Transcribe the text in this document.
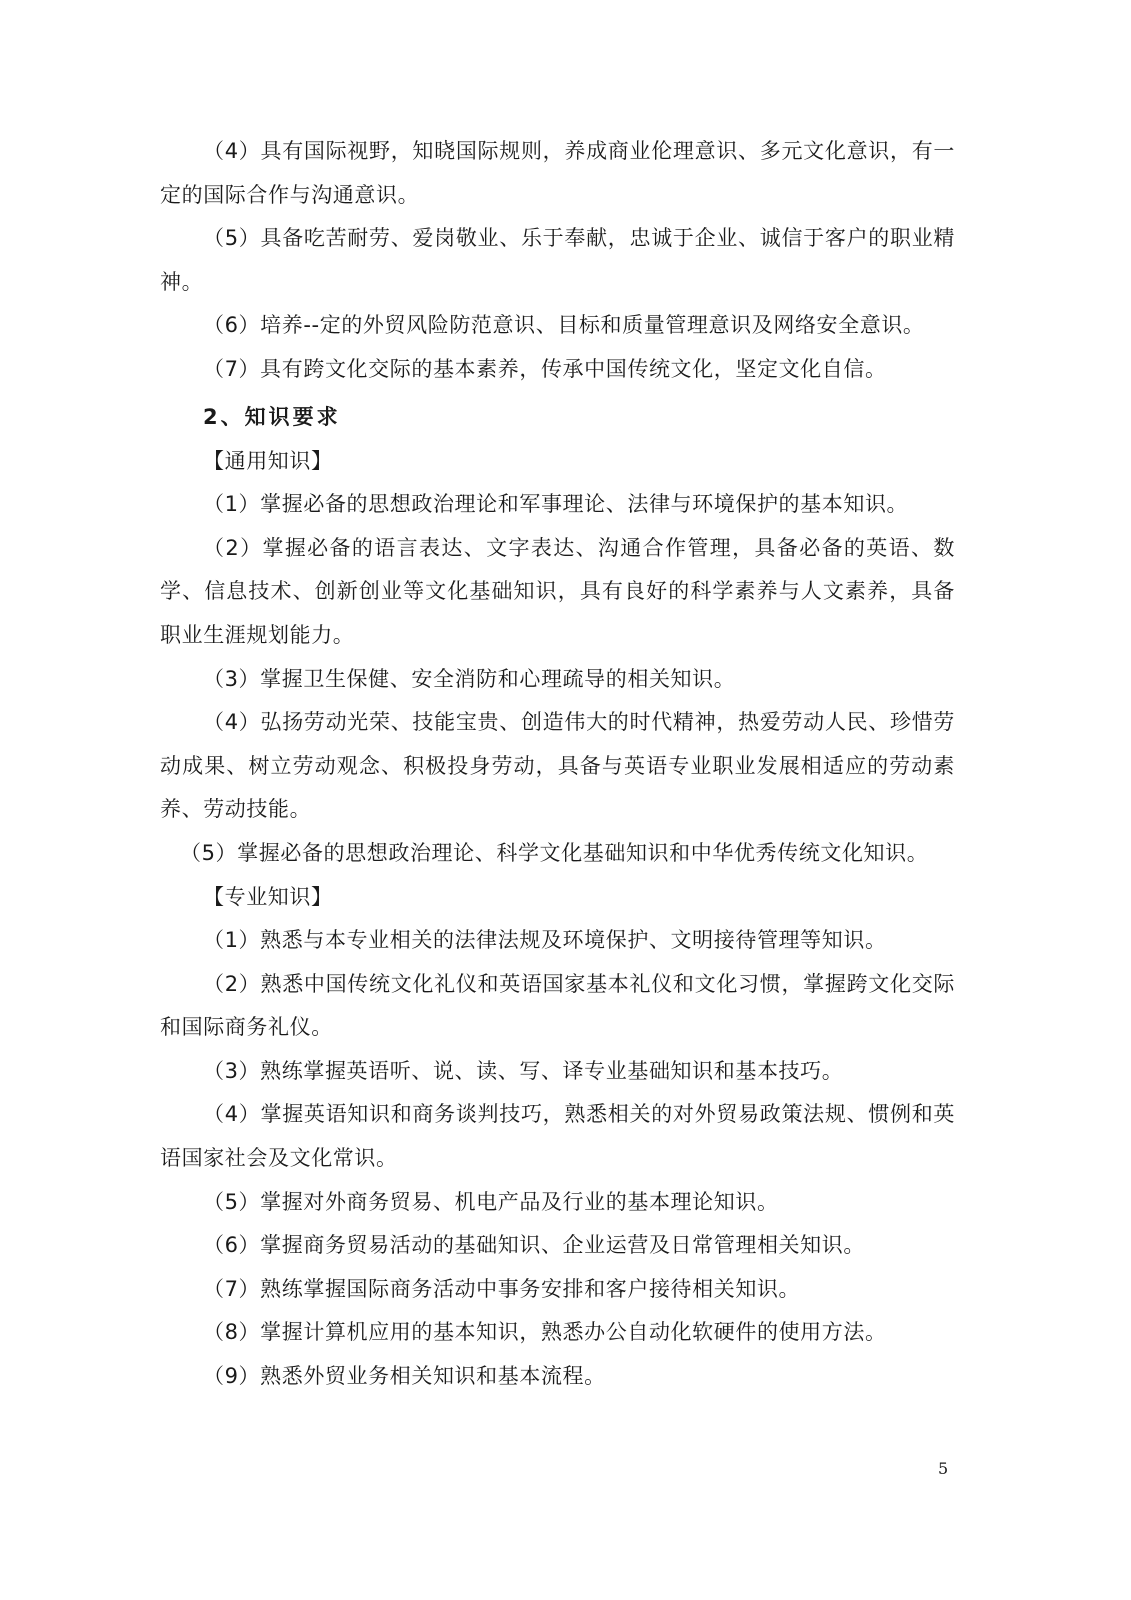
（4）具有国际视野，知晓国际规则，养成商业伦理意识、多元文化意识，有一定的国际合作与沟通意识。

（5）具备吃苦耐劳、爱岗敬业、乐于奉献，忠诚于企业、诚信于客户的职业精神。

（6）培养--定的外贸风险防范意识、目标和质量管理意识及网络安全意识。

（7）具有跨文化交际的基本素养，传承中国传统文化，坚定文化自信。

2、知识要求

【通用知识】

（1）掌握必备的思想政治理论和军事理论、法律与环境保护的基本知识。

（2）掌握必备的语言表达、文字表达、沟通合作管理，具备必备的英语、数学、信息技术、创新创业等文化基础知识，具有良好的科学素养与人文素养，具备职业生涯规划能力。

（3）掌握卫生保健、安全消防和心理疏导的相关知识。

（4）弘扬劳动光荣、技能宝贵、创造伟大的时代精神，热爱劳动人民、珍惜劳动成果、树立劳动观念、积极投身劳动，具备与英语专业职业发展相适应的劳动素养、劳动技能。

（5）掌握必备的思想政治理论、科学文化基础知识和中华优秀传统文化知识。

【专业知识】

（1）熟悉与本专业相关的法律法规及环境保护、文明接待管理等知识。

（2）熟悉中国传统文化礼仪和英语国家基本礼仪和文化习惯，掌握跨文化交际和国际商务礼仪。

（3）熟练掌握英语听、说、读、写、译专业基础知识和基本技巧。

（4）掌握英语知识和商务谈判技巧，熟悉相关的对外贸易政策法规、惯例和英语国家社会及文化常识。

（5）掌握对外商务贸易、机电产品及行业的基本理论知识。

（6）掌握商务贸易活动的基础知识、企业运营及日常管理相关知识。

（7）熟练掌握国际商务活动中事务安排和客户接待相关知识。

（8）掌握计算机应用的基本知识，熟悉办公自动化软硬件的使用方法。

（9）熟悉外贸业务相关知识和基本流程。

5
